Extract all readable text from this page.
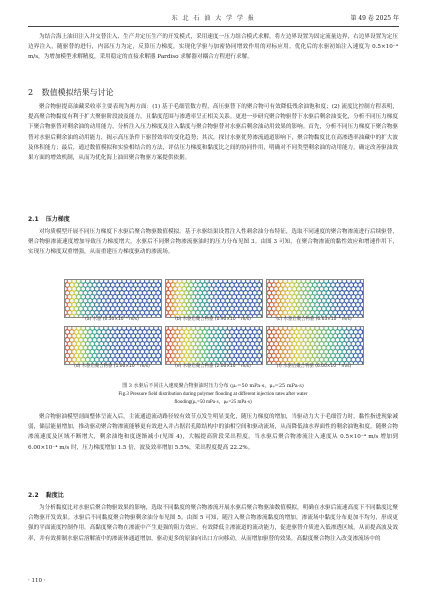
东 北 石 油 大 学 学 报	第 49 卷 2025 年

为结合海上油田注入井交替注入、生产井定压生产的开发模式，采用速度一压力组合模式求解，将左边界设置为固定流量边界，右边界设置为定压边界注入，随驱替的进行，内部压力为定，反算压力梯度，实现化学驱与加密协同增效作用的对标应用。优化后的水驱初始注入速度为 0.5×10⁻⁴ m/s，为增加模型求解精度，采用稳定的直接求解器 Pardiso 求解器对耦合方程进行求解。

2 数值模拟结果与讨论

聚合物驱提高油藏采收率主要表现为两方面：(1) 基于毛细管数方程，高压驱替下的聚合物可有效降低残余油饱和度；(2) 流度比控制方程表明，提高聚合物黏度有利于扩大聚驱阶段波及能力，且黏度范围与渗透率呈正相关关系。更进一步研究聚合物驱替下水驱后剩余油变化，分析不同压力梯度下聚合物驱替对剩余油的动用能力，分析注入压力梯度及注入黏度与聚合物驱替对水驱后剩余油动用效果的影响。首先，分析不同压力梯度下聚合物驱替对水驱后剩余油的动用能力，揭示高压条件下驱替效率的变化趋势；其次，探讨水驱优势渗流通道影响下，聚合物黏度比在高渗透率油藏中的扩大波及体积能力；最后，通过数值模拟和实验相结合的方法，评估压力梯度和黏度比之间的协同作用，明确对不同类型剩余油的动用能力，确定改善驱油效果方面的增效机制，从而为优化海上油田聚合物驱方案提供依据。

2.1 压力梯度

对均质模型开展不同压力梯度下水驱后聚合物驱数值模拟。基于水驱结果设置注入性刺余油分布特征，选取不同速度的聚合物渗流进行后续驱替，聚合物驱渗流速度增加导致压力梯度增大，水驱后不同聚合物渗流驱油时的压力分布见图 3。由图 3 可知，在聚合物渗流的黏性效应和增速作用下，实现压力梯度双重增强，从而重建压力梯度驱动的渗流场。

(a) 水驱 (0.50×10⁻⁴ m/s)	(b) 水驱后聚合物驱 (0.90×10⁻⁴ m/s)	(c) 水驱后聚合物驱 (6.63×10⁻⁴ m/s)
(d) 水驱后聚合物驱 (1.00×10⁻⁴ m/s)	(e) 水驱后聚合物驱 (2.00×10⁻⁴ m/s)	(f) 水驱后聚合物驱 (6.00×10⁻⁴ m/s)
图 3 水驱后不同注入速度聚合物驱油时压力分布 (μₒ=50 mPa·s，μₚ=25 mPa·s)
Fig.3 Pressure field distribution during polymer flooding at different injection rates after water
flooding(μₒ=50 mPa·s，μₚ=25 mPa·s)

聚合物驱油模型剖面整体呈流入后，主流通道流动路径较有效节点发生明显变化，随压力梯度的增加，当驱动力大于毛细管力时，黏性指进现象减弱，储层能量增加，推动驱动聚合物渗流能够更有效进入并占据岩孔隙结构中的油相空间和驱动流场，从而降低油水界面性的剩余油饱和度。随聚合物渗流速度及区域不断增大，剩余油饱和度逐渐减小(见图 4)，大幅提高阶段采出程度。当水驱后聚合物渗流注入速度从 0.5×10⁻⁴ m/s 增加到 6.00×10⁻⁴ m/s 时，压力梯度增加 1.5 倍，波及效率增加 5.5%，采出程度提高 22.2%。

2.2 黏度比

为分析黏度比对水驱后聚合物驱效果的影响，选取不同黏度的聚合物渗流开展水驱后聚合物驱油数值模拟，明确在水驱后流速高度下不同黏度比聚合物驱开发效果。水驱后不同黏度聚合物驱剩余油分布见图 5。由图 5 可知，随注入聚合物渗流黏度的增加，渗流场中黏度分布更加不均匀，形成更强的平面流度控制作用。高黏度聚合物在渗流中产生更强的阻力效应，有效降低主渗流道的流动能力，促进驱替介质进入低渗透区域，从而提高波及效率，并有效抑制水驱后溶解液中的渗流体通道增加，驱动更多的原油向出口方向移动，从而增加驱替的效果。高黏度聚合物注入改变渗流场中的

· 110 ·
